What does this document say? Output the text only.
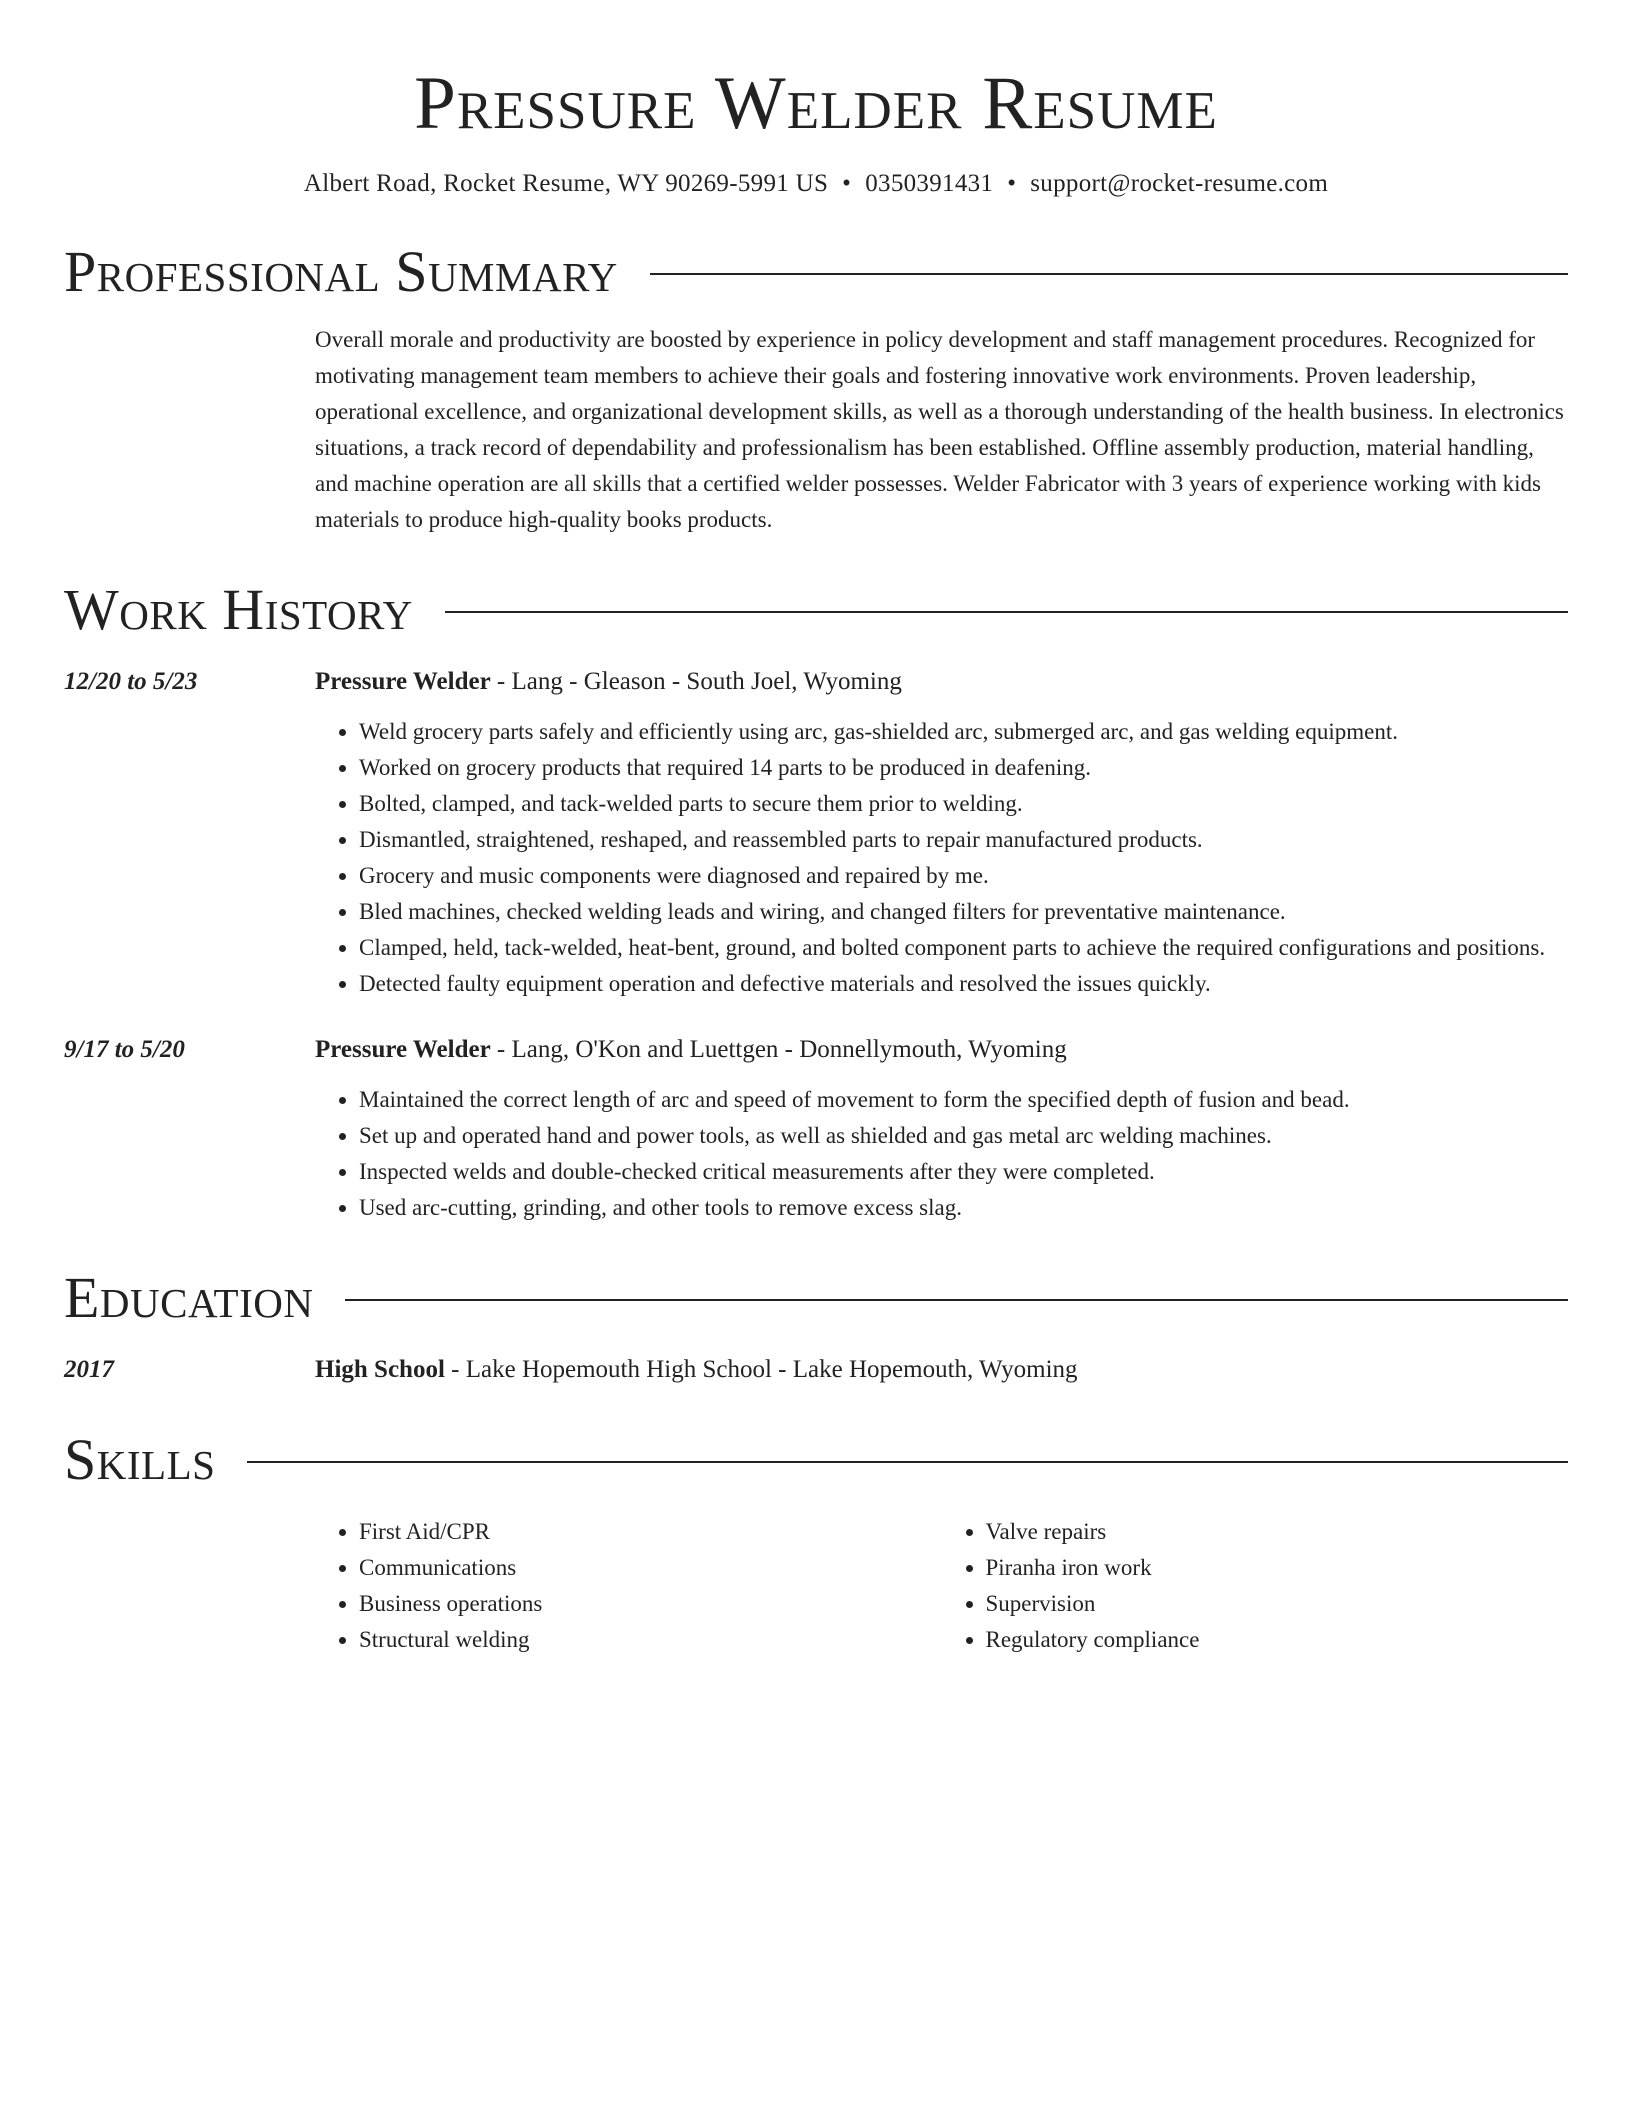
Pressure Welder Resume
Albert Road, Rocket Resume, WY 90269-5991 US • 0350391431 • support@rocket-resume.com
Professional Summary
Overall morale and productivity are boosted by experience in policy development and staff management procedures. Recognized for motivating management team members to achieve their goals and fostering innovative work environments. Proven leadership, operational excellence, and organizational development skills, as well as a thorough understanding of the health business. In electronics situations, a track record of dependability and professionalism has been established. Offline assembly production, material handling, and machine operation are all skills that a certified welder possesses. Welder Fabricator with 3 years of experience working with kids materials to produce high-quality books products.
Work History
12/20 to 5/23	Pressure Welder - Lang - Gleason - South Joel, Wyoming
• Weld grocery parts safely and efficiently using arc, gas-shielded arc, submerged arc, and gas welding equipment.
• Worked on grocery products that required 14 parts to be produced in deafening.
• Bolted, clamped, and tack-welded parts to secure them prior to welding.
• Dismantled, straightened, reshaped, and reassembled parts to repair manufactured products.
• Grocery and music components were diagnosed and repaired by me.
• Bled machines, checked welding leads and wiring, and changed filters for preventative maintenance.
• Clamped, held, tack-welded, heat-bent, ground, and bolted component parts to achieve the required configurations and positions.
• Detected faulty equipment operation and defective materials and resolved the issues quickly.
9/17 to 5/20	Pressure Welder - Lang, O'Kon and Luettgen - Donnellymouth, Wyoming
• Maintained the correct length of arc and speed of movement to form the specified depth of fusion and bead.
• Set up and operated hand and power tools, as well as shielded and gas metal arc welding machines.
• Inspected welds and double-checked critical measurements after they were completed.
• Used arc-cutting, grinding, and other tools to remove excess slag.
Education
2017	High School - Lake Hopemouth High School - Lake Hopemouth, Wyoming
Skills
• First Aid/CPR
• Communications
• Business operations
• Structural welding
• Valve repairs
• Piranha iron work
• Supervision
• Regulatory compliance
